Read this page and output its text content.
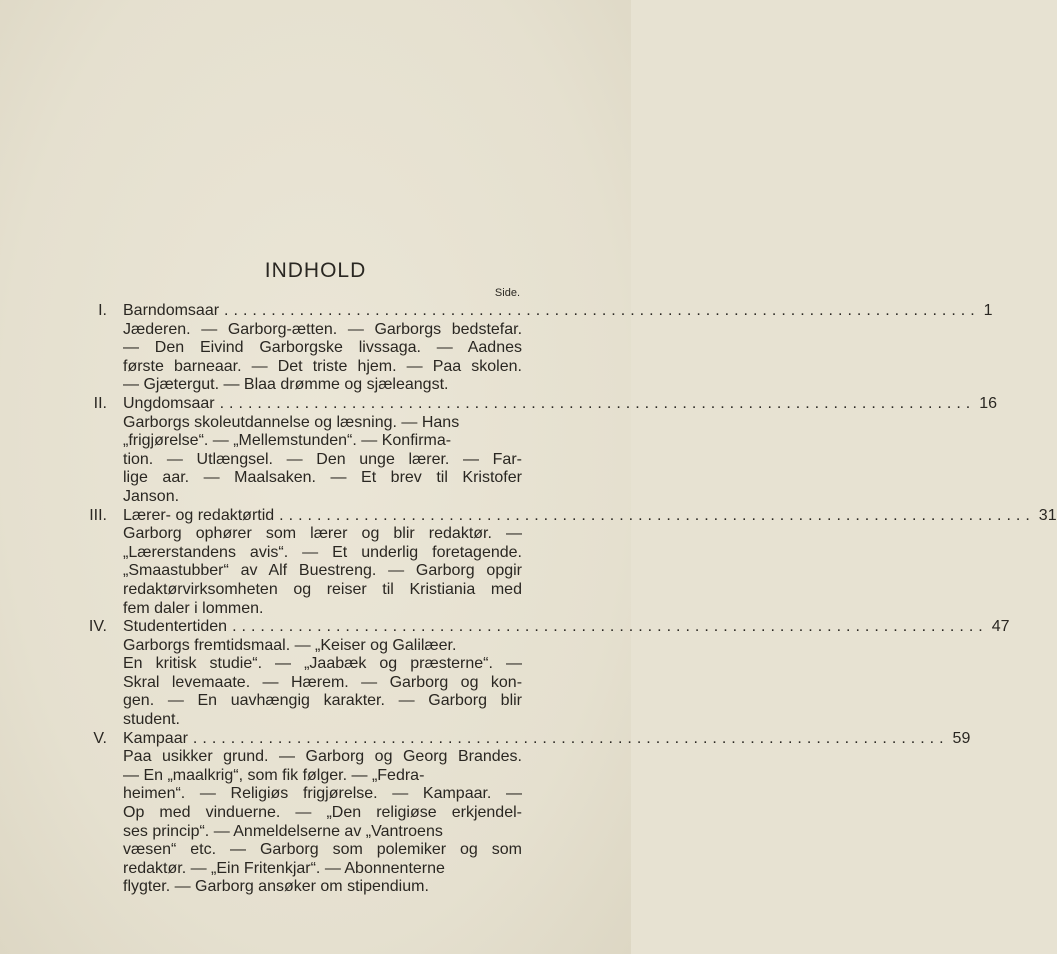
INDHOLD
Side.
I.	Barndomsaar ................................................................................ 1
Jæderen. — Garborg-ætten. — Garborgs bedstefar.
— Den Eivind Garborgske livssaga. — Aadnes
første barneaar. — Det triste hjem. — Paa skolen.
— Gjætergut. — Blaa drømme og sjæleangst.
II.	Ungdomsaar ................................................................................ 16
Garborgs skoleutdannelse og læsning. — Hans
„frigjørelse“. — „Mellemstunden“. — Konfirma-
tion. — Utlængsel. — Den unge lærer. — Far-
lige aar. — Maalsaken. — Et brev til Kristofer
Janson.
III.	Lærer- og redaktørtid ................................................................................ 31
Garborg ophører som lærer og blir redaktør. —
„Lærerstandens avis“. — Et underlig foretagende.
„Smaastubber“ av Alf Buestreng. — Garborg opgir
redaktørvirksomheten og reiser til Kristiania med
fem daler i lommen.
IV.	Studentertiden ................................................................................ 47
Garborgs fremtidsmaal. — „Keiser og Galilæer.
En kritisk studie“. — „Jaabæk og præsterne“. —
Skral levemaate. — Hærem. — Garborg og kon-
gen. — En uavhængig karakter. — Garborg blir
student.
V.	Kampaar ................................................................................ 59
Paa usikker grund. — Garborg og Georg Brandes.
— En „maalkrig“, som fik følger. — „Fedra-
heimen“. — Religiøs frigjørelse. — Kampaar. —
Op med vinduerne. — „Den religiøse erkjendel-
ses princip“. — Anmeldelserne av „Vantroens
væsen“ etc. — Garborg som polemiker og som
redaktør. — „Ein Fritenkjar“. — Abonnenterne
flygter. — Garborg ansøker om stipendium.
